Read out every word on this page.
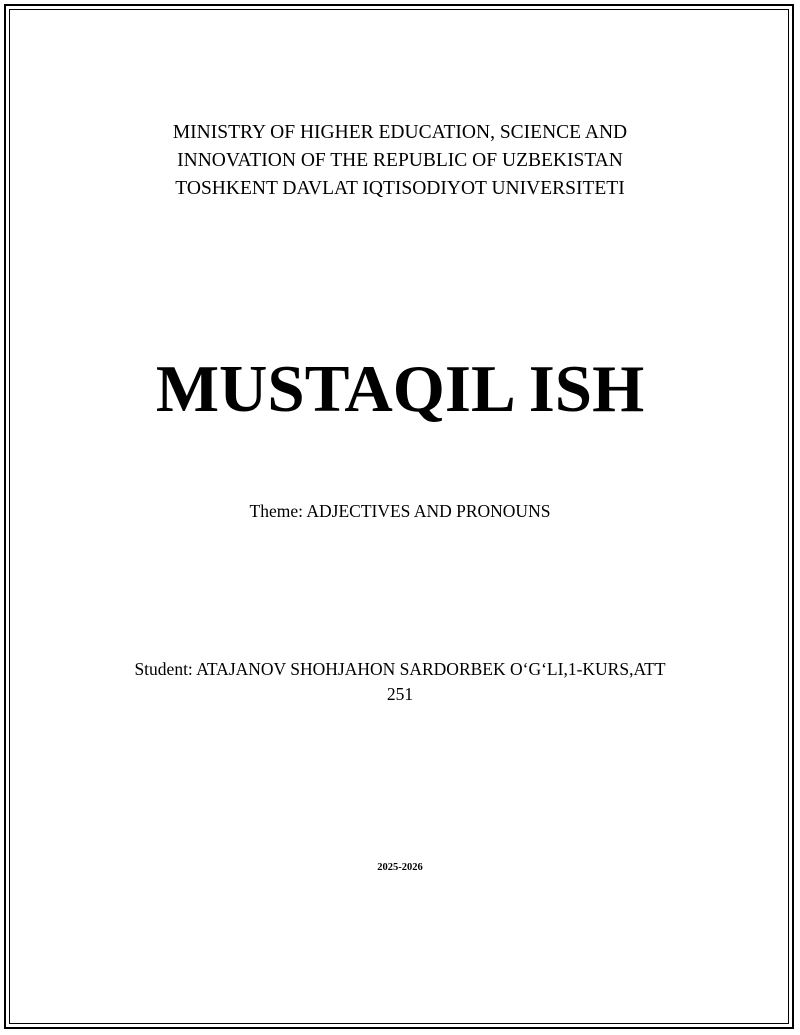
MINISTRY OF HIGHER EDUCATION, SCIENCE AND
INNOVATION OF THE REPUBLIC OF UZBEKISTAN
TOSHKENT DAVLAT IQTISODIYOT UNIVERSITETI
MUSTAQIL ISH
Theme: ADJECTIVES AND PRONOUNS
Student: ATAJANOV SHOHJAHON SARDORBEK O‘G‘LI,1-KURS,ATT
251
2025-2026
